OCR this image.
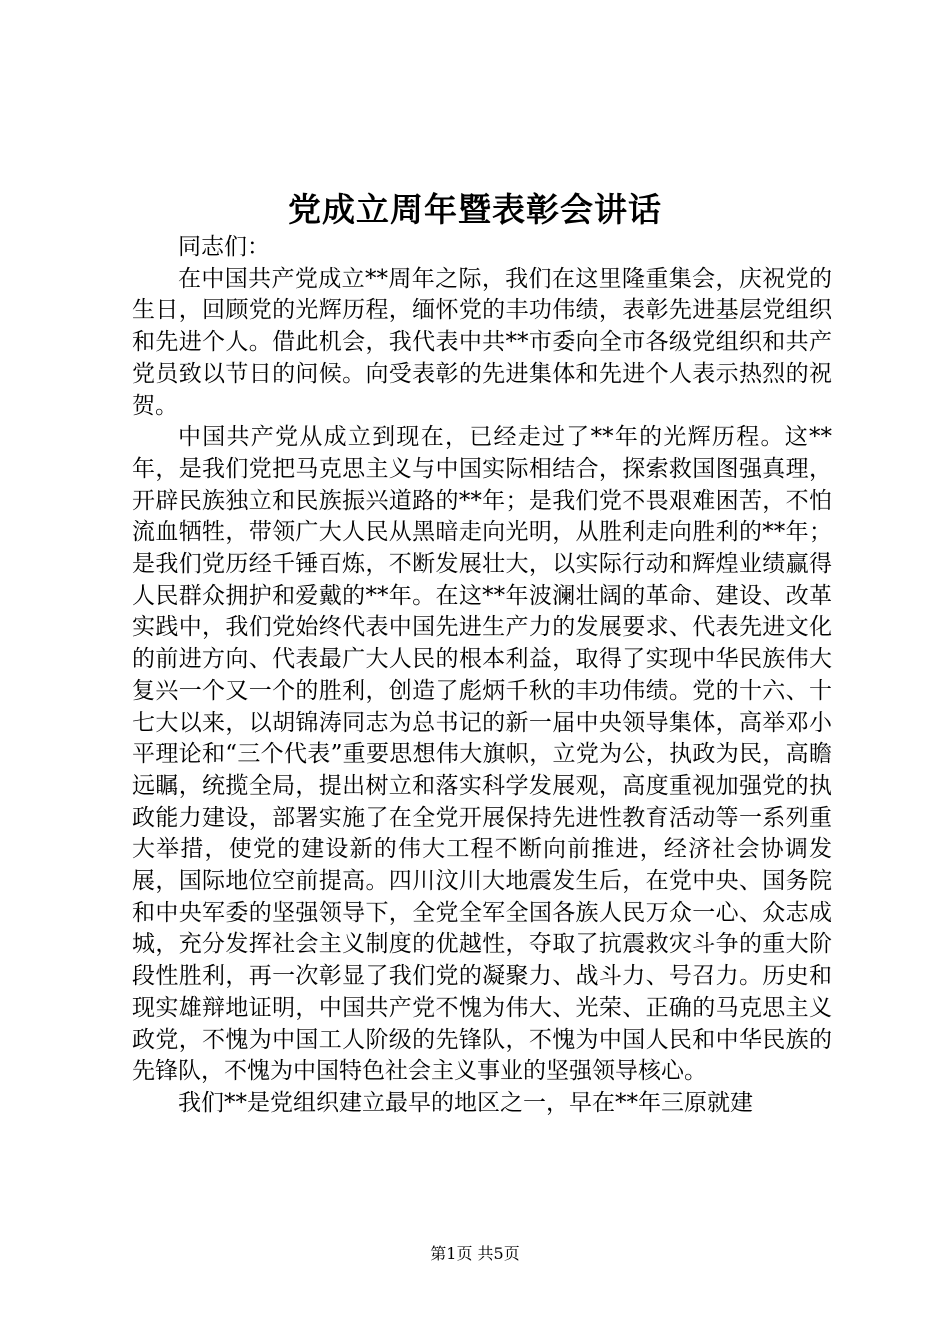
党成立周年暨表彰会讲话

同志们：

在中国共产党成立**周年之际，我们在这里隆重集会，庆祝党的生日，回顾党的光辉历程，缅怀党的丰功伟绩，表彰先进基层党组织和先进个人。借此机会，我代表中共**市委向全市各级党组织和共产党员致以节日的问候。向受表彰的先进集体和先进个人表示热烈的祝贺。

中国共产党从成立到现在，已经走过了**年的光辉历程。这**年，是我们党把马克思主义与中国实际相结合，探索救国图强真理，开辟民族独立和民族振兴道路的**年；是我们党不畏艰难困苦，不怕流血牺牲，带领广大人民从黑暗走向光明，从胜利走向胜利的**年；是我们党历经千锤百炼，不断发展壮大，以实际行动和辉煌业绩赢得人民群众拥护和爱戴的**年。在这**年波澜壮阔的革命、建设、改革实践中，我们党始终代表中国先进生产力的发展要求、代表先进文化的前进方向、代表最广大人民的根本利益，取得了实现中华民族伟大复兴一个又一个的胜利，创造了彪炳千秋的丰功伟绩。党的十六、十七大以来，以胡锦涛同志为总书记的新一届中央领导集体，高举邓小平理论和“三个代表”重要思想伟大旗帜，立党为公，执政为民，高瞻远瞩，统揽全局，提出树立和落实科学发展观，高度重视加强党的执政能力建设，部署实施了在全党开展保持先进性教育活动等一系列重大举措，使党的建设新的伟大工程不断向前推进，经济社会协调发展，国际地位空前提高。四川汶川大地震发生后，在党中央、国务院和中央军委的坚强领导下，全党全军全国各族人民万众一心、众志成城，充分发挥社会主义制度的优越性，夺取了抗震救灾斗争的重大阶段性胜利，再一次彰显了我们党的凝聚力、战斗力、号召力。历史和现实雄辩地证明，中国共产党不愧为伟大、光荣、正确的马克思主义政党，不愧为中国工人阶级的先锋队，不愧为中国人民和中华民族的先锋队，不愧为中国特色社会主义事业的坚强领导核心。

我们**是党组织建立最早的地区之一，早在**年三原就建

第1页 共5页
